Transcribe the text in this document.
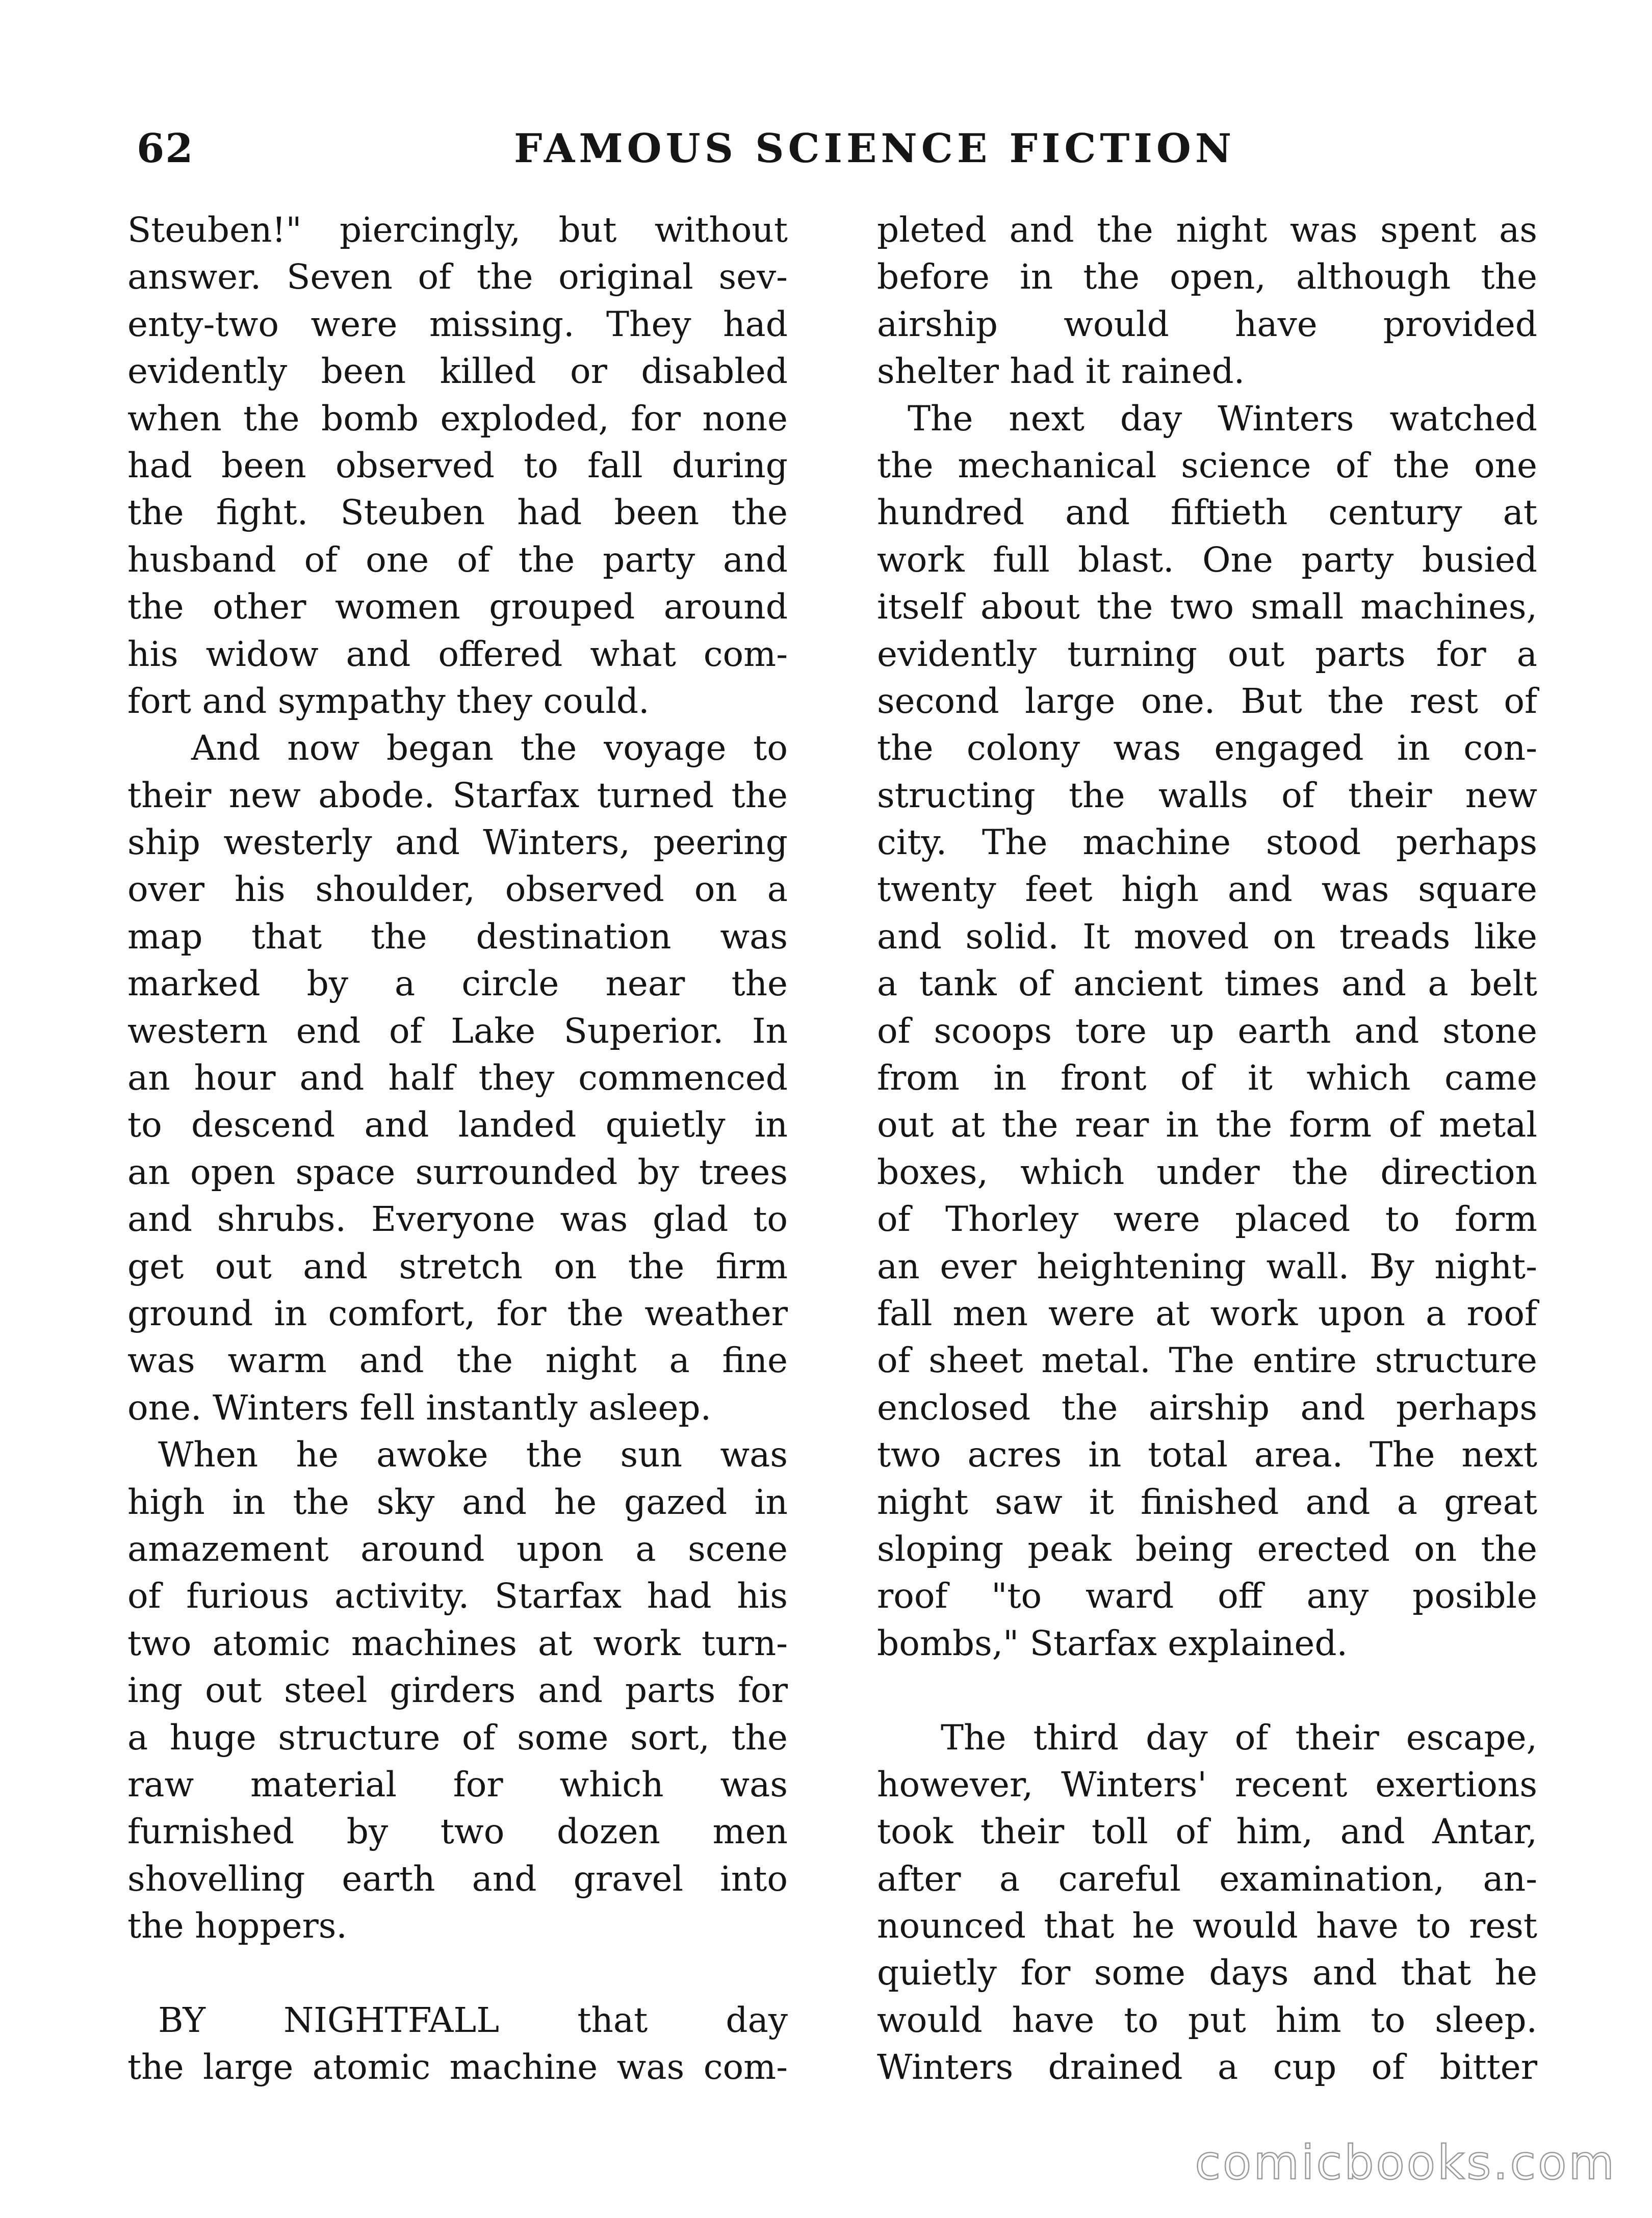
62	FAMOUS SCIENCE FICTION
Steuben!" piercingly, but without
answer. Seven of the original sev-
enty-two were missing. They had
evidently been killed or disabled
when the bomb exploded, for none
had been observed to fall during
the fight. Steuben had been the
husband of one of the party and
the other women grouped around
his widow and offered what com-
fort and sympathy they could.
And now began the voyage to
their new abode. Starfax turned the
ship westerly and Winters, peering
over his shoulder, observed on a
map that the destination was
marked by a circle near the
western end of Lake Superior. In
an hour and half they commenced
to descend and landed quietly in
an open space surrounded by trees
and shrubs. Everyone was glad to
get out and stretch on the firm
ground in comfort, for the weather
was warm and the night a fine
one. Winters fell instantly asleep.
When he awoke the sun was
high in the sky and he gazed in
amazement around upon a scene
of furious activity. Starfax had his
two atomic machines at work turn-
ing out steel girders and parts for
a huge structure of some sort, the
raw material for which was
furnished by two dozen men
shovelling earth and gravel into
the hoppers.
BY NIGHTFALL that day
the large atomic machine was com-
pleted and the night was spent as
before in the open, although the
airship would have provided
shelter had it rained.
The next day Winters watched
the mechanical science of the one
hundred and fiftieth century at
work full blast. One party busied
itself about the two small machines,
evidently turning out parts for a
second large one. But the rest of
the colony was engaged in con-
structing the walls of their new
city. The machine stood perhaps
twenty feet high and was square
and solid. It moved on treads like
a tank of ancient times and a belt
of scoops tore up earth and stone
from in front of it which came
out at the rear in the form of metal
boxes, which under the direction
of Thorley were placed to form
an ever heightening wall. By night-
fall men were at work upon a roof
of sheet metal. The entire structure
enclosed the airship and perhaps
two acres in total area. The next
night saw it finished and a great
sloping peak being erected on the
roof "to ward off any posible
bombs," Starfax explained.
The third day of their escape,
however, Winters' recent exertions
took their toll of him, and Antar,
after a careful examination, an-
nounced that he would have to rest
quietly for some days and that he
would have to put him to sleep.
Winters drained a cup of bitter
comicbooks.com
